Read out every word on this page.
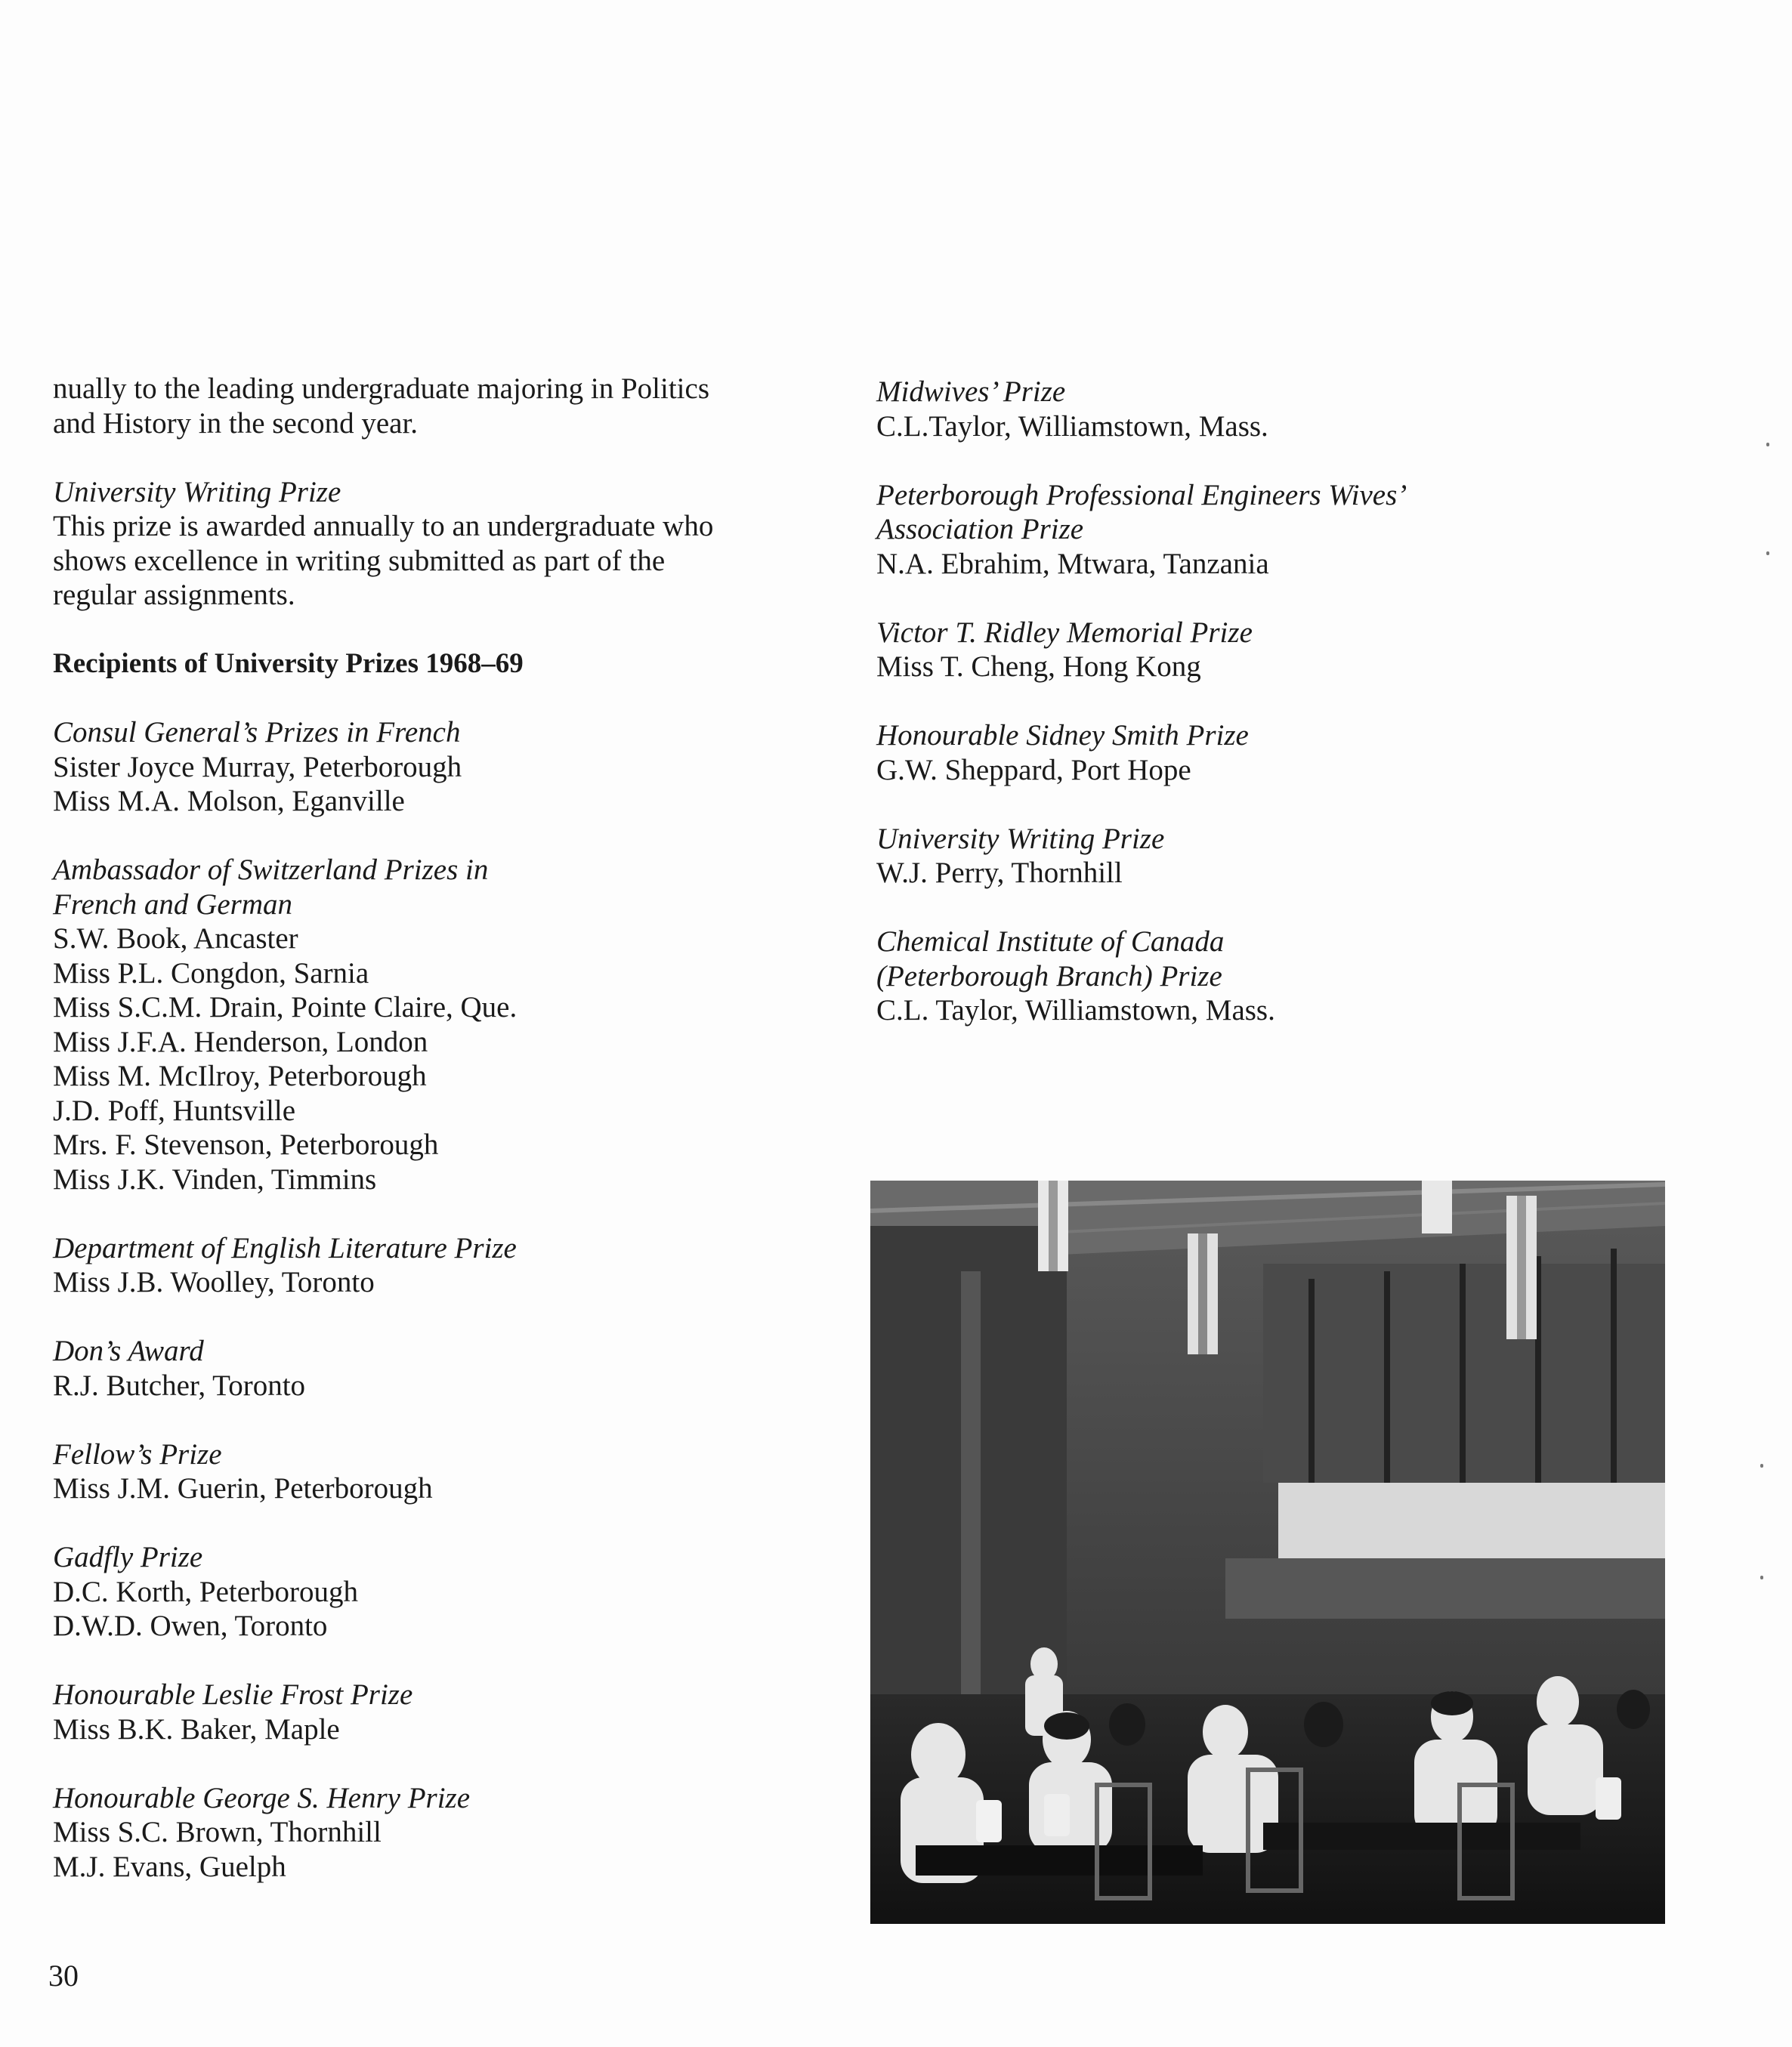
nually to the leading undergraduate majoring in Politics
and History in the second year.
University Writing Prize
This prize is awarded annually to an undergraduate who
shows excellence in writing submitted as part of the
regular assignments.
Recipients of University Prizes 1968–69
Consul General’s Prizes in French
Sister Joyce Murray, Peterborough
Miss M.A. Molson, Eganville
Ambassador of Switzerland Prizes in
French and German
S.W. Book, Ancaster
Miss P.L. Congdon, Sarnia
Miss S.C.M. Drain, Pointe Claire, Que.
Miss J.F.A. Henderson, London
Miss M. McIlroy, Peterborough
J.D. Poff, Huntsville
Mrs. F. Stevenson, Peterborough
Miss J.K. Vinden, Timmins
Department of English Literature Prize
Miss J.B. Woolley, Toronto
Don’s Award
R.J. Butcher, Toronto
Fellow’s Prize
Miss J.M. Guerin, Peterborough
Gadfly Prize
D.C. Korth, Peterborough
D.W.D. Owen, Toronto
Honourable Leslie Frost Prize
Miss B.K. Baker, Maple
Honourable George S. Henry Prize
Miss S.C. Brown, Thornhill
M.J. Evans, Guelph
Midwives’ Prize
C.L.Taylor, Williamstown, Mass.
Peterborough Professional Engineers Wives’
Association Prize
N.A. Ebrahim, Mtwara, Tanzania
Victor T. Ridley Memorial Prize
Miss T. Cheng, Hong Kong
Honourable Sidney Smith Prize
G.W. Sheppard, Port Hope
University Writing Prize
W.J. Perry, Thornhill
Chemical Institute of Canada
(Peterborough Branch) Prize
C.L. Taylor, Williamstown, Mass.
30
